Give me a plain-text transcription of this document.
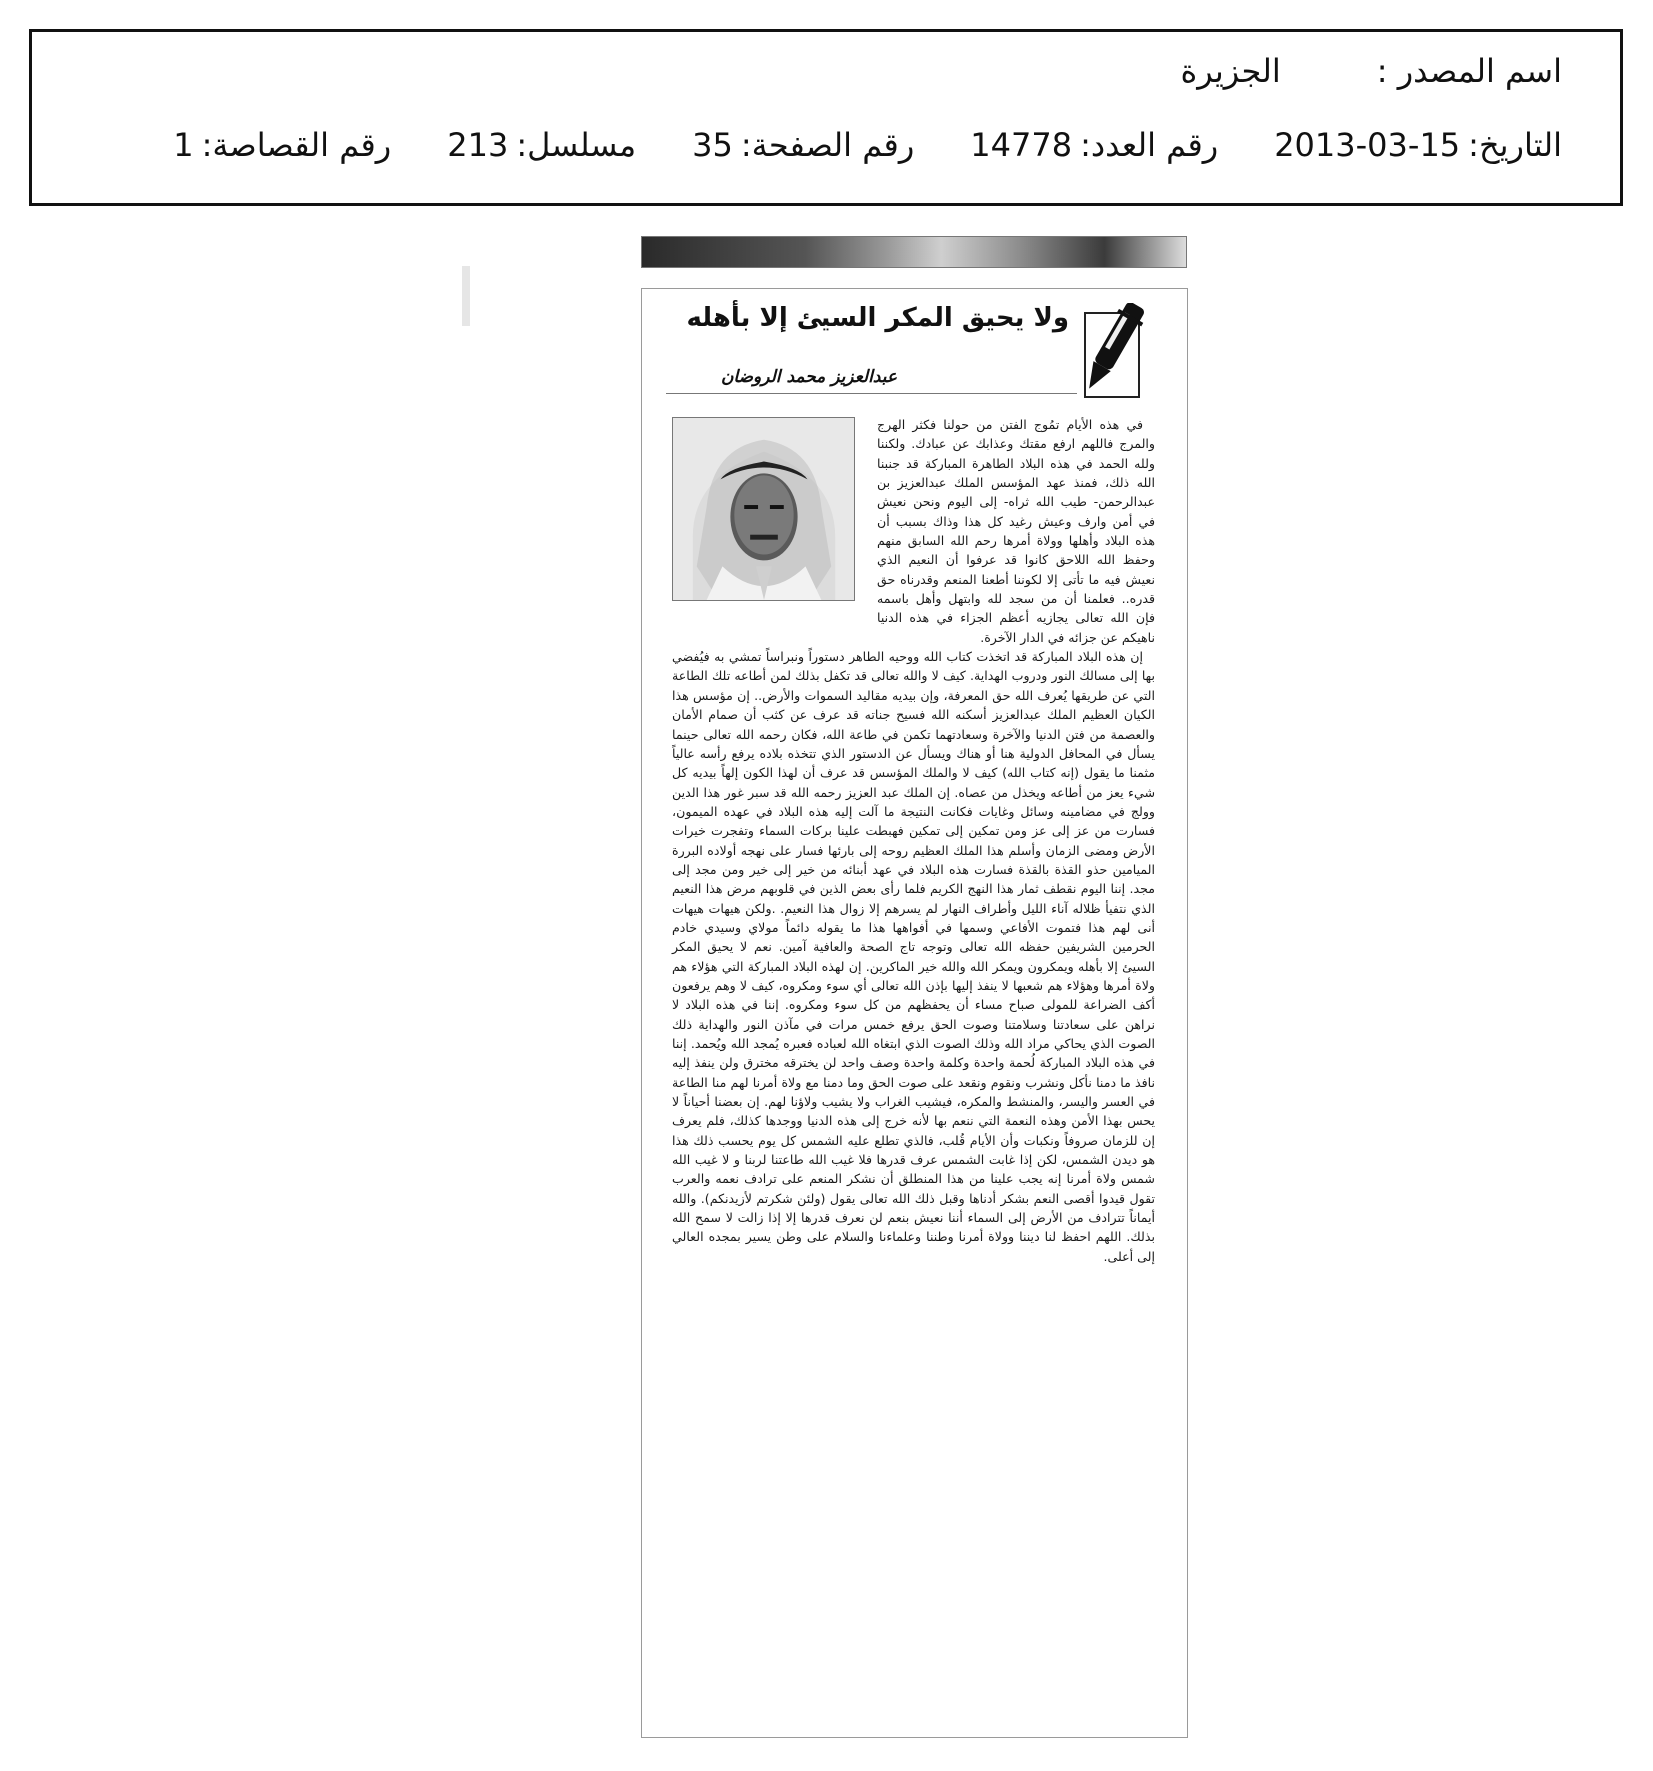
اسم المصدر :
الجزيرة
التاريخ:2013-03-15
رقم العدد:14778
رقم الصفحة:35
مسلسل:213
رقم القصاصة:1
ولا يحيق المكر السيئ إلا بأهله
عبدالعزيز محمد الروضان

في هذه الأيام تمُوج الفتن من حولنا فكثر الهرج والمرج فاللهم ارفع مقتك وعذابك عن عبادك. ولكننا ولله الحمد في هذه البلاد الطاهرة المباركة قد جنبنا الله ذلك، فمنذ عهد المؤسس الملك عبدالعزيز بن عبدالرحمن- طيب الله ثراه- إلى اليوم ونحن نعيش في أمن وارف وعيش رغيد كل هذا وذاك بسبب أن هذه البلاد وأهلها وولاة أمرها رحم الله السابق منهم وحفظ الله اللاحق كانوا قد عرفوا أن النعيم الذي نعيش فيه ما تأتى إلا لكوننا أطعنا المنعم وقدرناه حق قدره.. فعلمنا أن من سجد لله وابتهل وأهل باسمه فإن الله تعالى يجازيه أعظم الجزاء في هذه الدنيا ناهيكم عن جزائه في الدار الآخرة.

إن هذه البلاد المباركة قد اتخذت كتاب الله ووحيه الطاهر دستوراً ونبراساً تمشي به فيُفضي بها إلى مسالك النور ودروب الهداية. كيف لا والله تعالى قد تكفل بذلك لمن أطاعه تلك الطاعة التي عن طريقها يُعرف الله حق المعرفة، وإن بيديه مقاليد السموات والأرض.. إن مؤسس هذا الكيان العظيم الملك عبدالعزيز أسكنه الله فسيح جناته قد عرف عن كثب أن صمام الأمان والعصمة من فتن الدنيا والآخرة وسعادتهما تكمن في طاعة الله، فكان رحمه الله تعالى حينما يسأل في المحافل الدولية هنا أو هناك ويسأل عن الدستور الذي تتخذه بلاده يرفع رأسه عالياً مثمنا ما يقول (إنه كتاب الله) كيف لا والملك المؤسس قد عرف أن لهذا الكون إلهاً بيديه كل شيء يعز من أطاعه ويخذل من عصاه. إن الملك عبد العزيز رحمه الله قد سبر غور هذا الدين وولج في مضامينه وسائل وغايات فكانت النتيجة ما آلت إليه هذه البلاد في عهده الميمون، فسارت من عز إلى عز ومن تمكين إلى تمكين فهبطت علينا بركات السماء وتفجرت خيرات الأرض ومضى الزمان وأسلم هذا الملك العظيم روحه إلى بارئها فسار على نهجه أولاده البررة الميامين حذو القذة بالقذة فسارت هذه البلاد في عهد أبنائه من خير إلى خير ومن مجد إلى مجد. إننا اليوم نقطف ثمار هذا النهج الكريم فلما رأى بعض الذين في قلوبهم مرض هذا النعيم الذي نتفيأ ظلاله آناء الليل وأطراف النهار لم يسرهم إلا زوال هذا النعيم. .ولكن هيهات هيهات أنى لهم هذا فتموت الأفاعي وسمها في أفواهها هذا ما يقوله دائماً مولاي وسيدي خادم الحرمين الشريفين حفظه الله تعالى وتوجه تاج الصحة والعافية آمين. نعم لا يحيق المكر السيئ إلا بأهله ويمكرون ويمكر الله والله خير الماكرين. إن لهذه البلاد المباركة التي هؤلاء هم ولاة أمرها وهؤلاء هم شعبها لا ينفذ إليها بإذن الله تعالى أي سوء ومكروه، كيف لا وهم يرفعون أكف الضراعة للمولى صباح مساء أن يحفظهم من كل سوء ومكروه. إننا في هذه البلاد لا نراهن على سعادتنا وسلامتنا وصوت الحق يرفع خمس مرات في مآذن النور والهداية ذلك الصوت الذي يحاكي مراد الله وذلك الصوت الذي ابتغاه الله لعباده فعبره يُمجد الله ويُحمد. إننا في هذه البلاد المباركة لُحمة واحدة وكلمة واحدة وصف واحد لن يخترقه مخترق ولن ينفذ إليه نافذ ما دمنا نأكل ونشرب ونقوم ونقعد على صوت الحق وما دمنا مع ولاة أمرنا لهم منا الطاعة في العسر واليسر، والمنشط والمكره، فيشيب الغراب ولا يشيب ولاؤنا لهم. إن بعضنا أحياناً لا يحس بهذا الأمن وهذه النعمة التي ننعم بها لأنه خرج إلى هذه الدنيا ووجدها كذلك، فلم يعرف إن للزمان صروفاً ونكبات وأن الأيام قُلب، فالذي تطلع عليه الشمس كل يوم يحسب ذلك هذا هو ديدن الشمس، لكن إذا غابت الشمس عرف قدرها فلا غيب الله طاعتنا لربنا و لا غيب الله شمس ولاة أمرنا إنه يجب علينا من هذا المنطلق أن نشكر المنعم على ترادف نعمه والعرب تقول قيدوا أقصى النعم بشكر أدناها وقبل ذلك الله تعالى يقول (ولئن شكرتم لأزيدنكم). والله أيماناً تترادف من الأرض إلى السماء أننا نعيش بنعم لن نعرف قدرها إلا إذا زالت لا سمح الله بذلك. اللهم احفظ لنا ديننا وولاة أمرنا وطننا وعلماءنا والسلام على وطن يسير بمجده العالي إلى أعلى.
